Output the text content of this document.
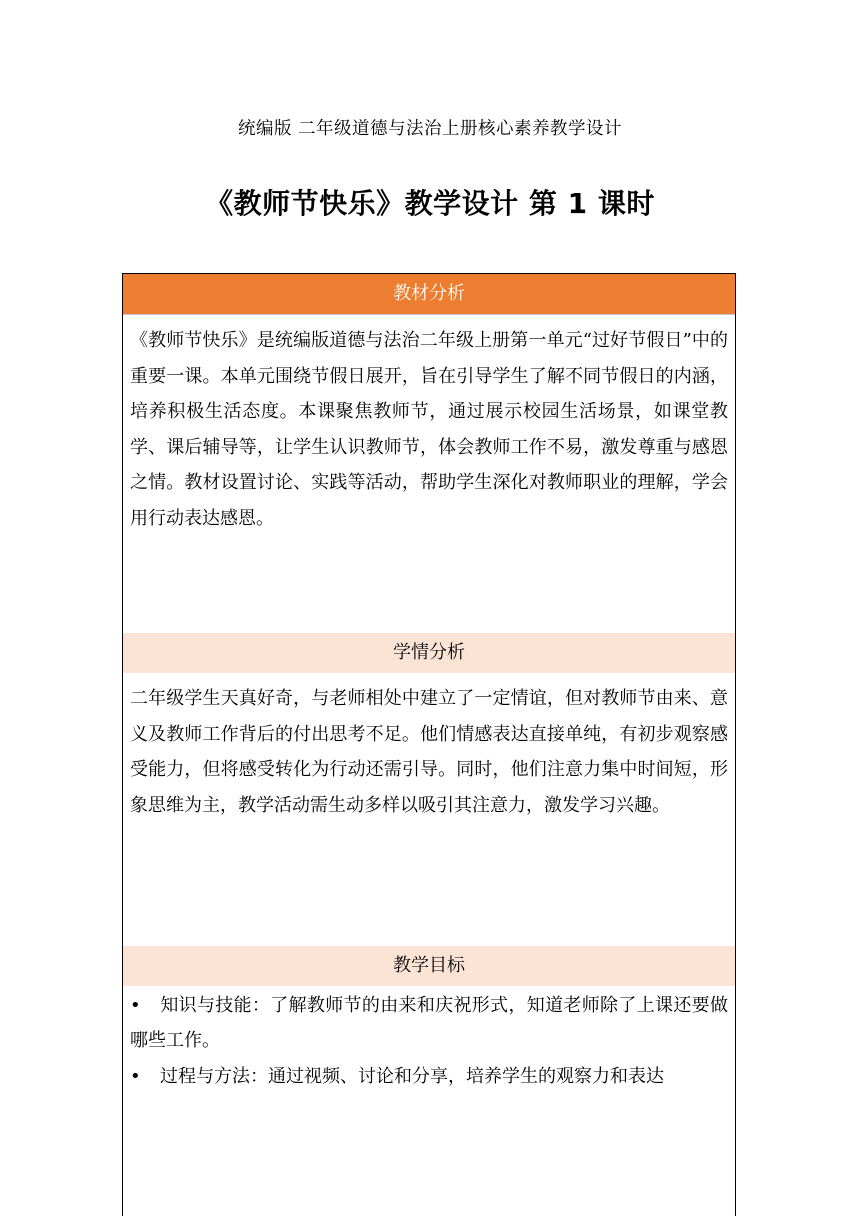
统编版 二年级道德与法治上册核心素养教学设计
《教师节快乐》教学设计 第 1 课时
教材分析

《教师节快乐》是统编版道德与法治二年级上册第一单元“过好节假日”中的重要一课。本单元围绕节假日展开，旨在引导学生了解不同节假日的内涵，培养积极生活态度。本课聚焦教师节，通过展示校园生活场景，如课堂教学、课后辅导等，让学生认识教师节，体会教师工作不易，激发尊重与感恩之情。教材设置讨论、实践等活动，帮助学生深化对教师职业的理解，学会用行动表达感恩。

学情分析

二年级学生天真好奇，与老师相处中建立了一定情谊，但对教师节由来、意义及教师工作背后的付出思考不足。他们情感表达直接单纯，有初步观察感受能力，但将感受转化为行动还需引导。同时，他们注意力集中时间短，形象思维为主，教学活动需生动多样以吸引其注意力，激发学习兴趣。

教学目标
• 知识与技能：了解教师节的由来和庆祝形式，知道老师除了上课还要做哪些工作。
• 过程与方法：通过视频、讨论和分享，培养学生的观察力和表达
